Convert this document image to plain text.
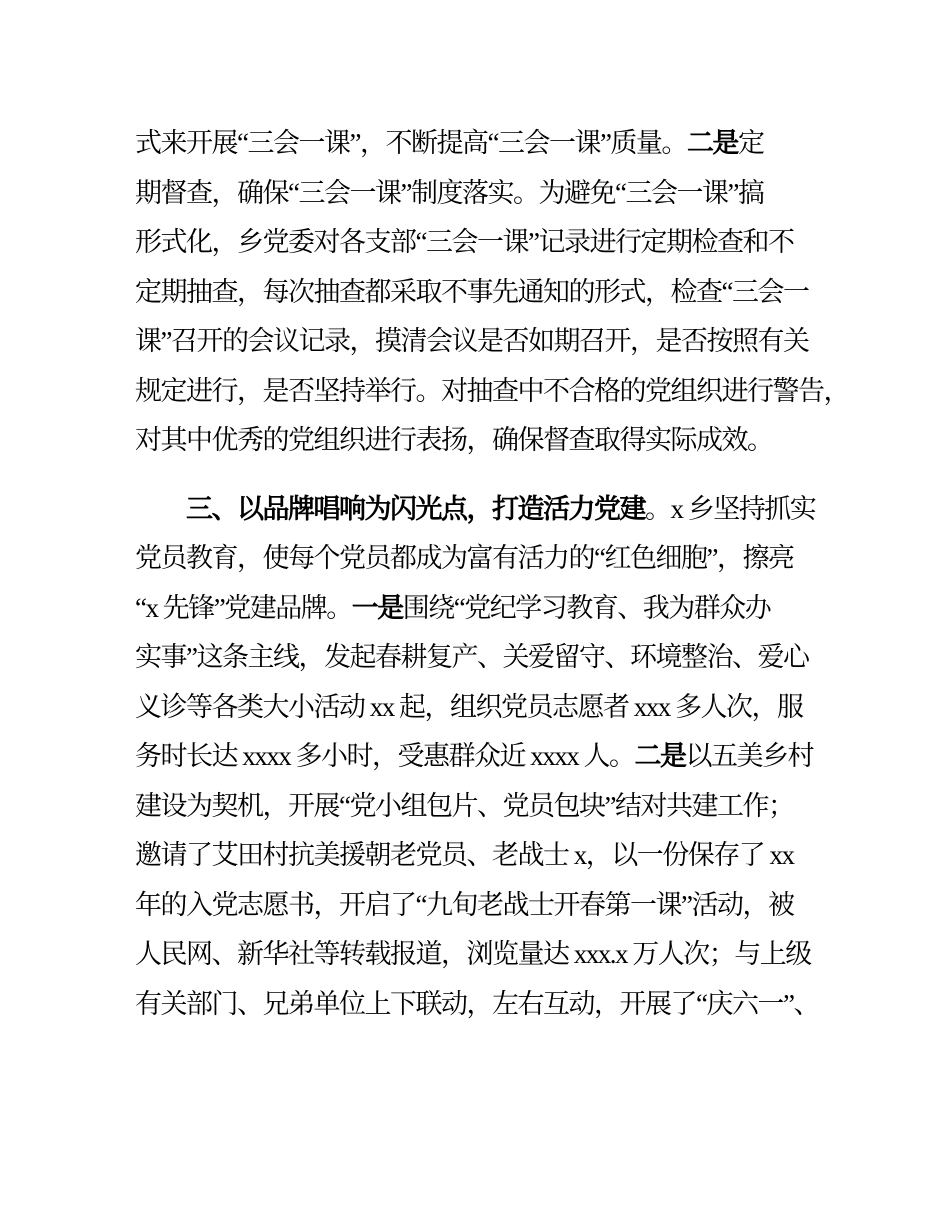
式来开展“三会一课”，不断提高“三会一课”质量。二是定
期督查，确保“三会一课”制度落实。为避免“三会一课”搞
形式化，乡党委对各支部“三会一课”记录进行定期检查和不
定期抽查，每次抽查都采取不事先通知的形式，检查“三会一
课”召开的会议记录，摸清会议是否如期召开，是否按照有关
规定进行，是否坚持举行。对抽查中不合格的党组织进行警告，
对其中优秀的党组织进行表扬，确保督查取得实际成效。
三、以品牌唱响为闪光点，打造活力党建。x 乡坚持抓实
党员教育，使每个党员都成为富有活力的“红色细胞”，擦亮
“x 先锋”党建品牌。一是围绕“党纪学习教育、我为群众办
实事”这条主线，发起春耕复产、关爱留守、环境整治、爱心
义诊等各类大小活动 xx 起，组织党员志愿者 xxx 多人次，服
务时长达 xxxx 多小时，受惠群众近 xxxx 人。二是以五美乡村
建设为契机，开展“党小组包片、党员包块”结对共建工作；
邀请了艾田村抗美援朝老党员、老战士 x，以一份保存了 xx
年的入党志愿书，开启了“九旬老战士开春第一课”活动，被
人民网、新华社等转载报道，浏览量达 xxx.x 万人次；与上级
有关部门、兄弟单位上下联动，左右互动，开展了“庆六一”、
